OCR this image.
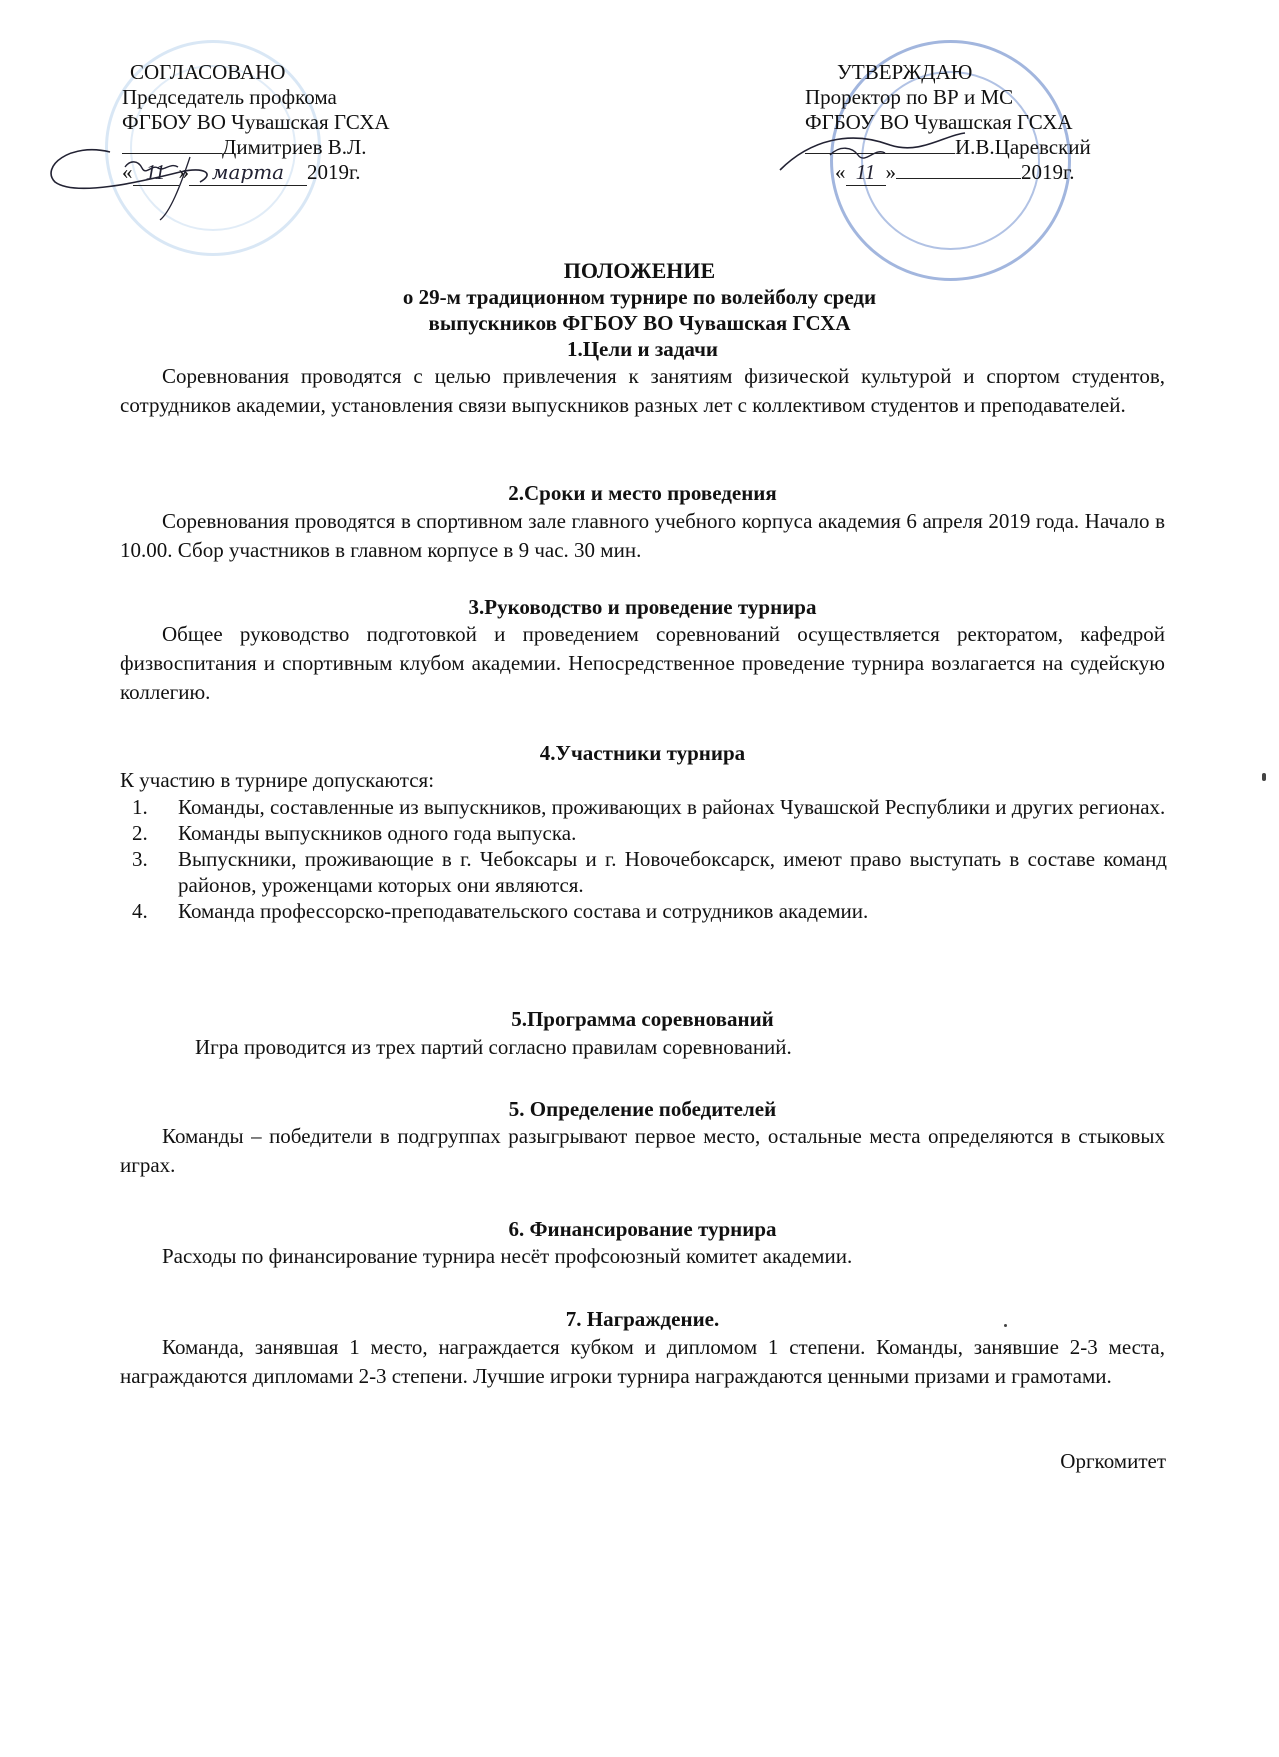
СОГЛАСОВАНО
Председатель профкома
ФГБОУ ВО Чувашская ГСХА
Димитриев В.Л.
« 11 » марта 2019г.
УТВЕРЖДАЮ
Проректор по ВР и МС
ФГБОУ ВО Чувашская ГСХА
И.В.Царевский
« 11 »	2019г.
ПОЛОЖЕНИЕ
о 29-м традиционном турнире по волейболу среди
выпускников ФГБОУ ВО Чувашская ГСХА
1.Цели и задачи

Соревнования проводятся с целью привлечения к занятиям физической культурой и спортом студентов, сотрудников академии, установления связи выпускников разных лет с коллективом студентов и преподавателей.

2.Сроки и место проведения

Соревнования проводятся в спортивном зале главного учебного корпуса академия 6 апреля 2019 года. Начало в 10.00. Сбор участников в главном корпусе в 9 час. 30 мин.

3.Руководство и проведение турнира

Общее руководство подготовкой и проведением соревнований осуществляется ректоратом, кафедрой физвоспитания и спортивным клубом академии. Непосредственное проведение турнира возлагается на судейскую коллегию.

4.Участники турнира

К участию в турнире допускаются:

1. Команды, составленные из выпускников, проживающих в районах Чувашской Республики и других регионах.
2. Команды выпускников одного года выпуска.
3. Выпускники, проживающие в г. Чебоксары и г. Новочебоксарск, имеют право выступать в составе команд районов, уроженцами которых они являются.
4. Команда профессорско-преподавательского состава и сотрудников академии.
5.Программа соревнований

Игра проводится из трех партий согласно правилам соревнований.

5. Определение победителей

Команды – победители в подгруппах разыгрывают первое место, остальные места определяются в стыковых играх.

6. Финансирование турнира

Расходы по финансирование турнира несёт профсоюзный комитет академии.

7. Награждение.

Команда, занявшая 1 место, награждается кубком и дипломом 1 степени. Команды, занявшие 2-3 места, награждаются дипломами 2-3 степени. Лучшие игроки турнира награждаются ценными призами и грамотами.

Оргкомитет
